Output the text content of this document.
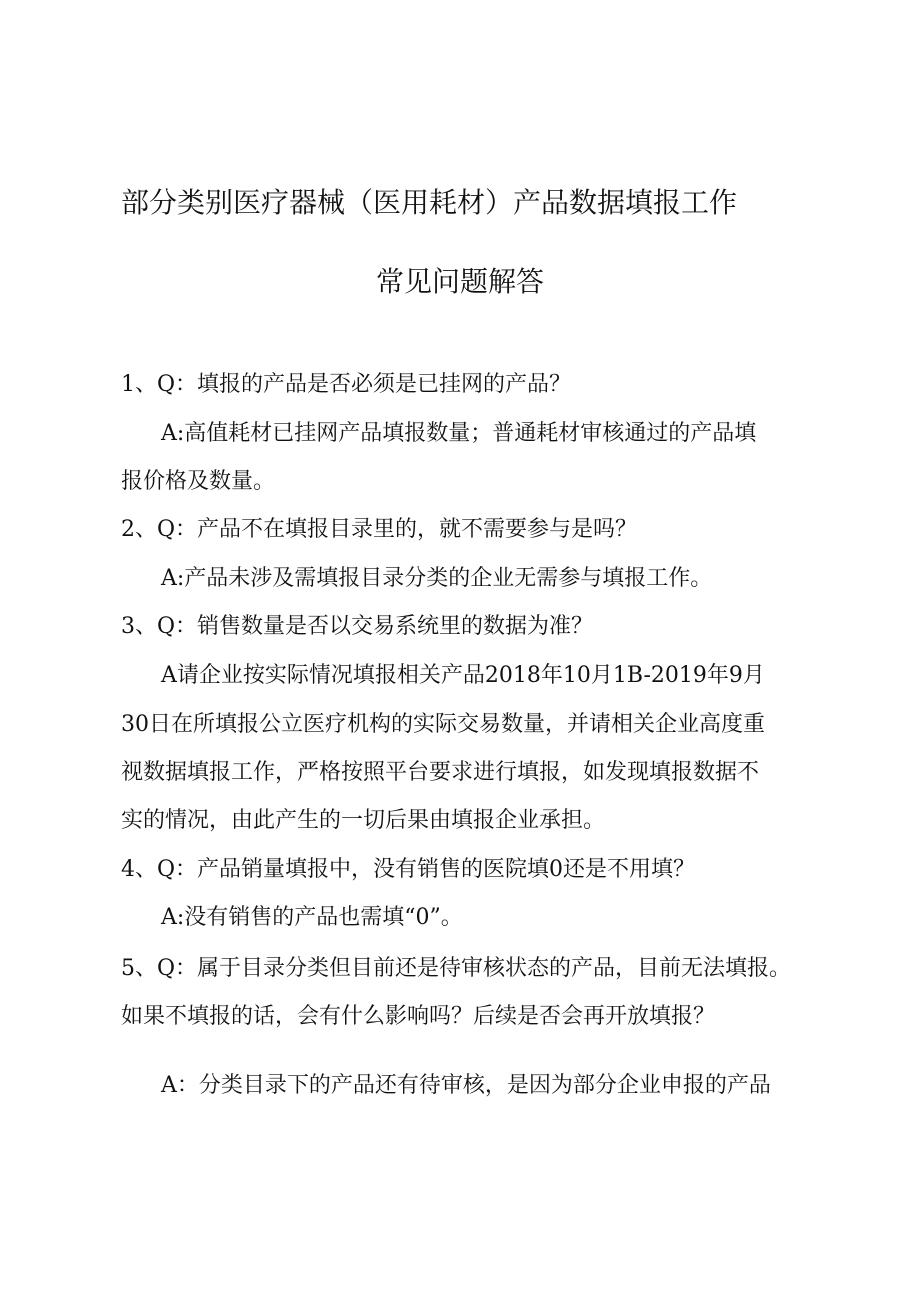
部分类别医疗器械（医用耗材）产品数据填报工作
常见问题解答

1、Q：填报的产品是否必须是已挂网的产品？

A:高值耗材已挂网产品填报数量；普通耗材审核通过的产品填

报价格及数量。

2、Q：产品不在填报目录里的，就不需要参与是吗？

A:产品未涉及需填报目录分类的企业无需参与填报工作。

3、Q：销售数量是否以交易系统里的数据为准？

A请企业按实际情况填报相关产品2018年10月1B-2019年9月

30日在所填报公立医疗机构的实际交易数量，并请相关企业高度重

视数据填报工作，严格按照平台要求进行填报，如发现填报数据不

实的情况，由此产生的一切后果由填报企业承担。

4、Q：产品销量填报中，没有销售的医院填0还是不用填？

A:没有销售的产品也需填“0”。

5、Q：属于目录分类但目前还是待审核状态的产品，目前无法填报。

如果不填报的话，会有什么影响吗？后续是否会再开放填报？

A：分类目录下的产品还有待审核，是因为部分企业申报的产品
